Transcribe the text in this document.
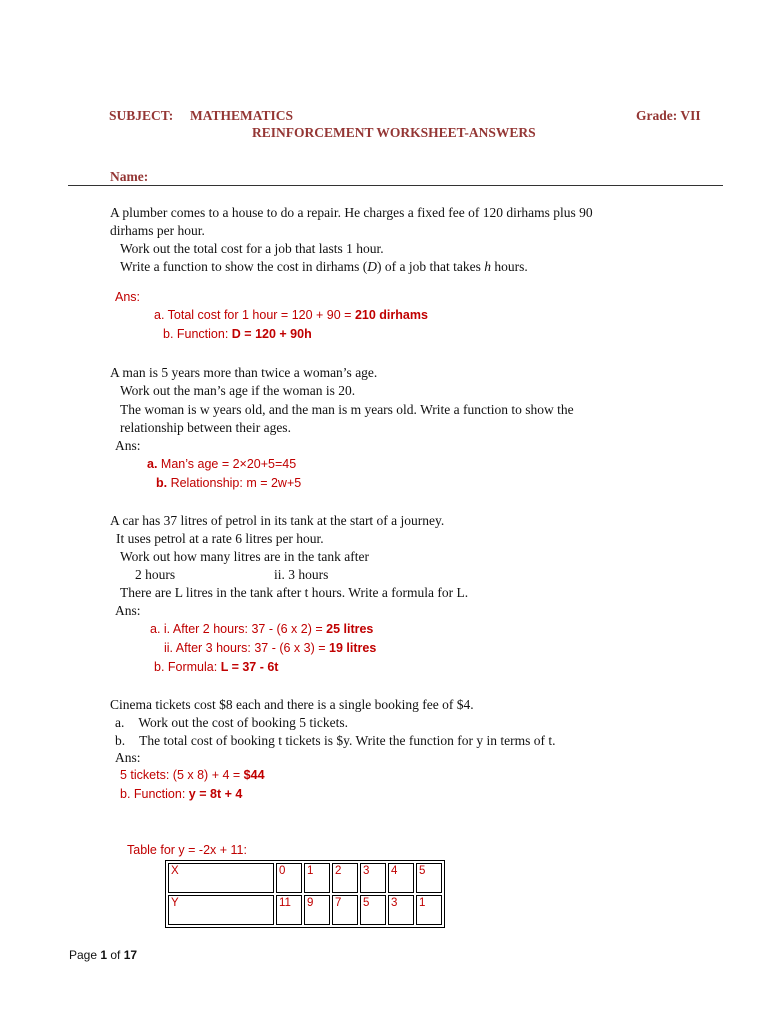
SUBJECT: MATHEMATICS	Grade: VII
REINFORCEMENT WORKSHEET-ANSWERS
Name:
A plumber comes to a house to do a repair. He charges a fixed fee of 120 dirhams plus 90
dirhams per hour.
Work out the total cost for a job that lasts 1 hour.
Write a function to show the cost in dirhams (D) of a job that takes h hours.
Ans:
a. Total cost for 1 hour = 120 + 90 = 210 dirhams
b. Function: D = 120 + 90h
A man is 5 years more than twice a woman’s age.
Work out the man’s age if the woman is 20.
The woman is w years old, and the man is m years old. Write a function to show the
relationship between their ages.
Ans:
a. Man’s age = 2×20+5=45
b. Relationship: m = 2w+5
A car has 37 litres of petrol in its tank at the start of a journey.
It uses petrol at a rate 6 litres per hour.
Work out how many litres are in the tank after
2 hours	ii. 3 hours
There are L litres in the tank after t hours. Write a formula for L.
Ans:
a. i. After 2 hours: 37 - (6 x 2) = 25 litres
ii. After 3 hours: 37 - (6 x 3) = 19 litres
b. Formula: L = 37 - 6t
Cinema tickets cost $8 each and there is a single booking fee of $4.
a. Work out the cost of booking 5 tickets.
b. The total cost of booking t tickets is $y. Write the function for y in terms of t.
Ans:
5 tickets: (5 x 8) + 4 = $44
b. Function: y = 8t + 4
Table for y = -2x + 11:
X	0	1	2	3	4	5
Y	11	9	7	5	3	1
Page 1 of 17
